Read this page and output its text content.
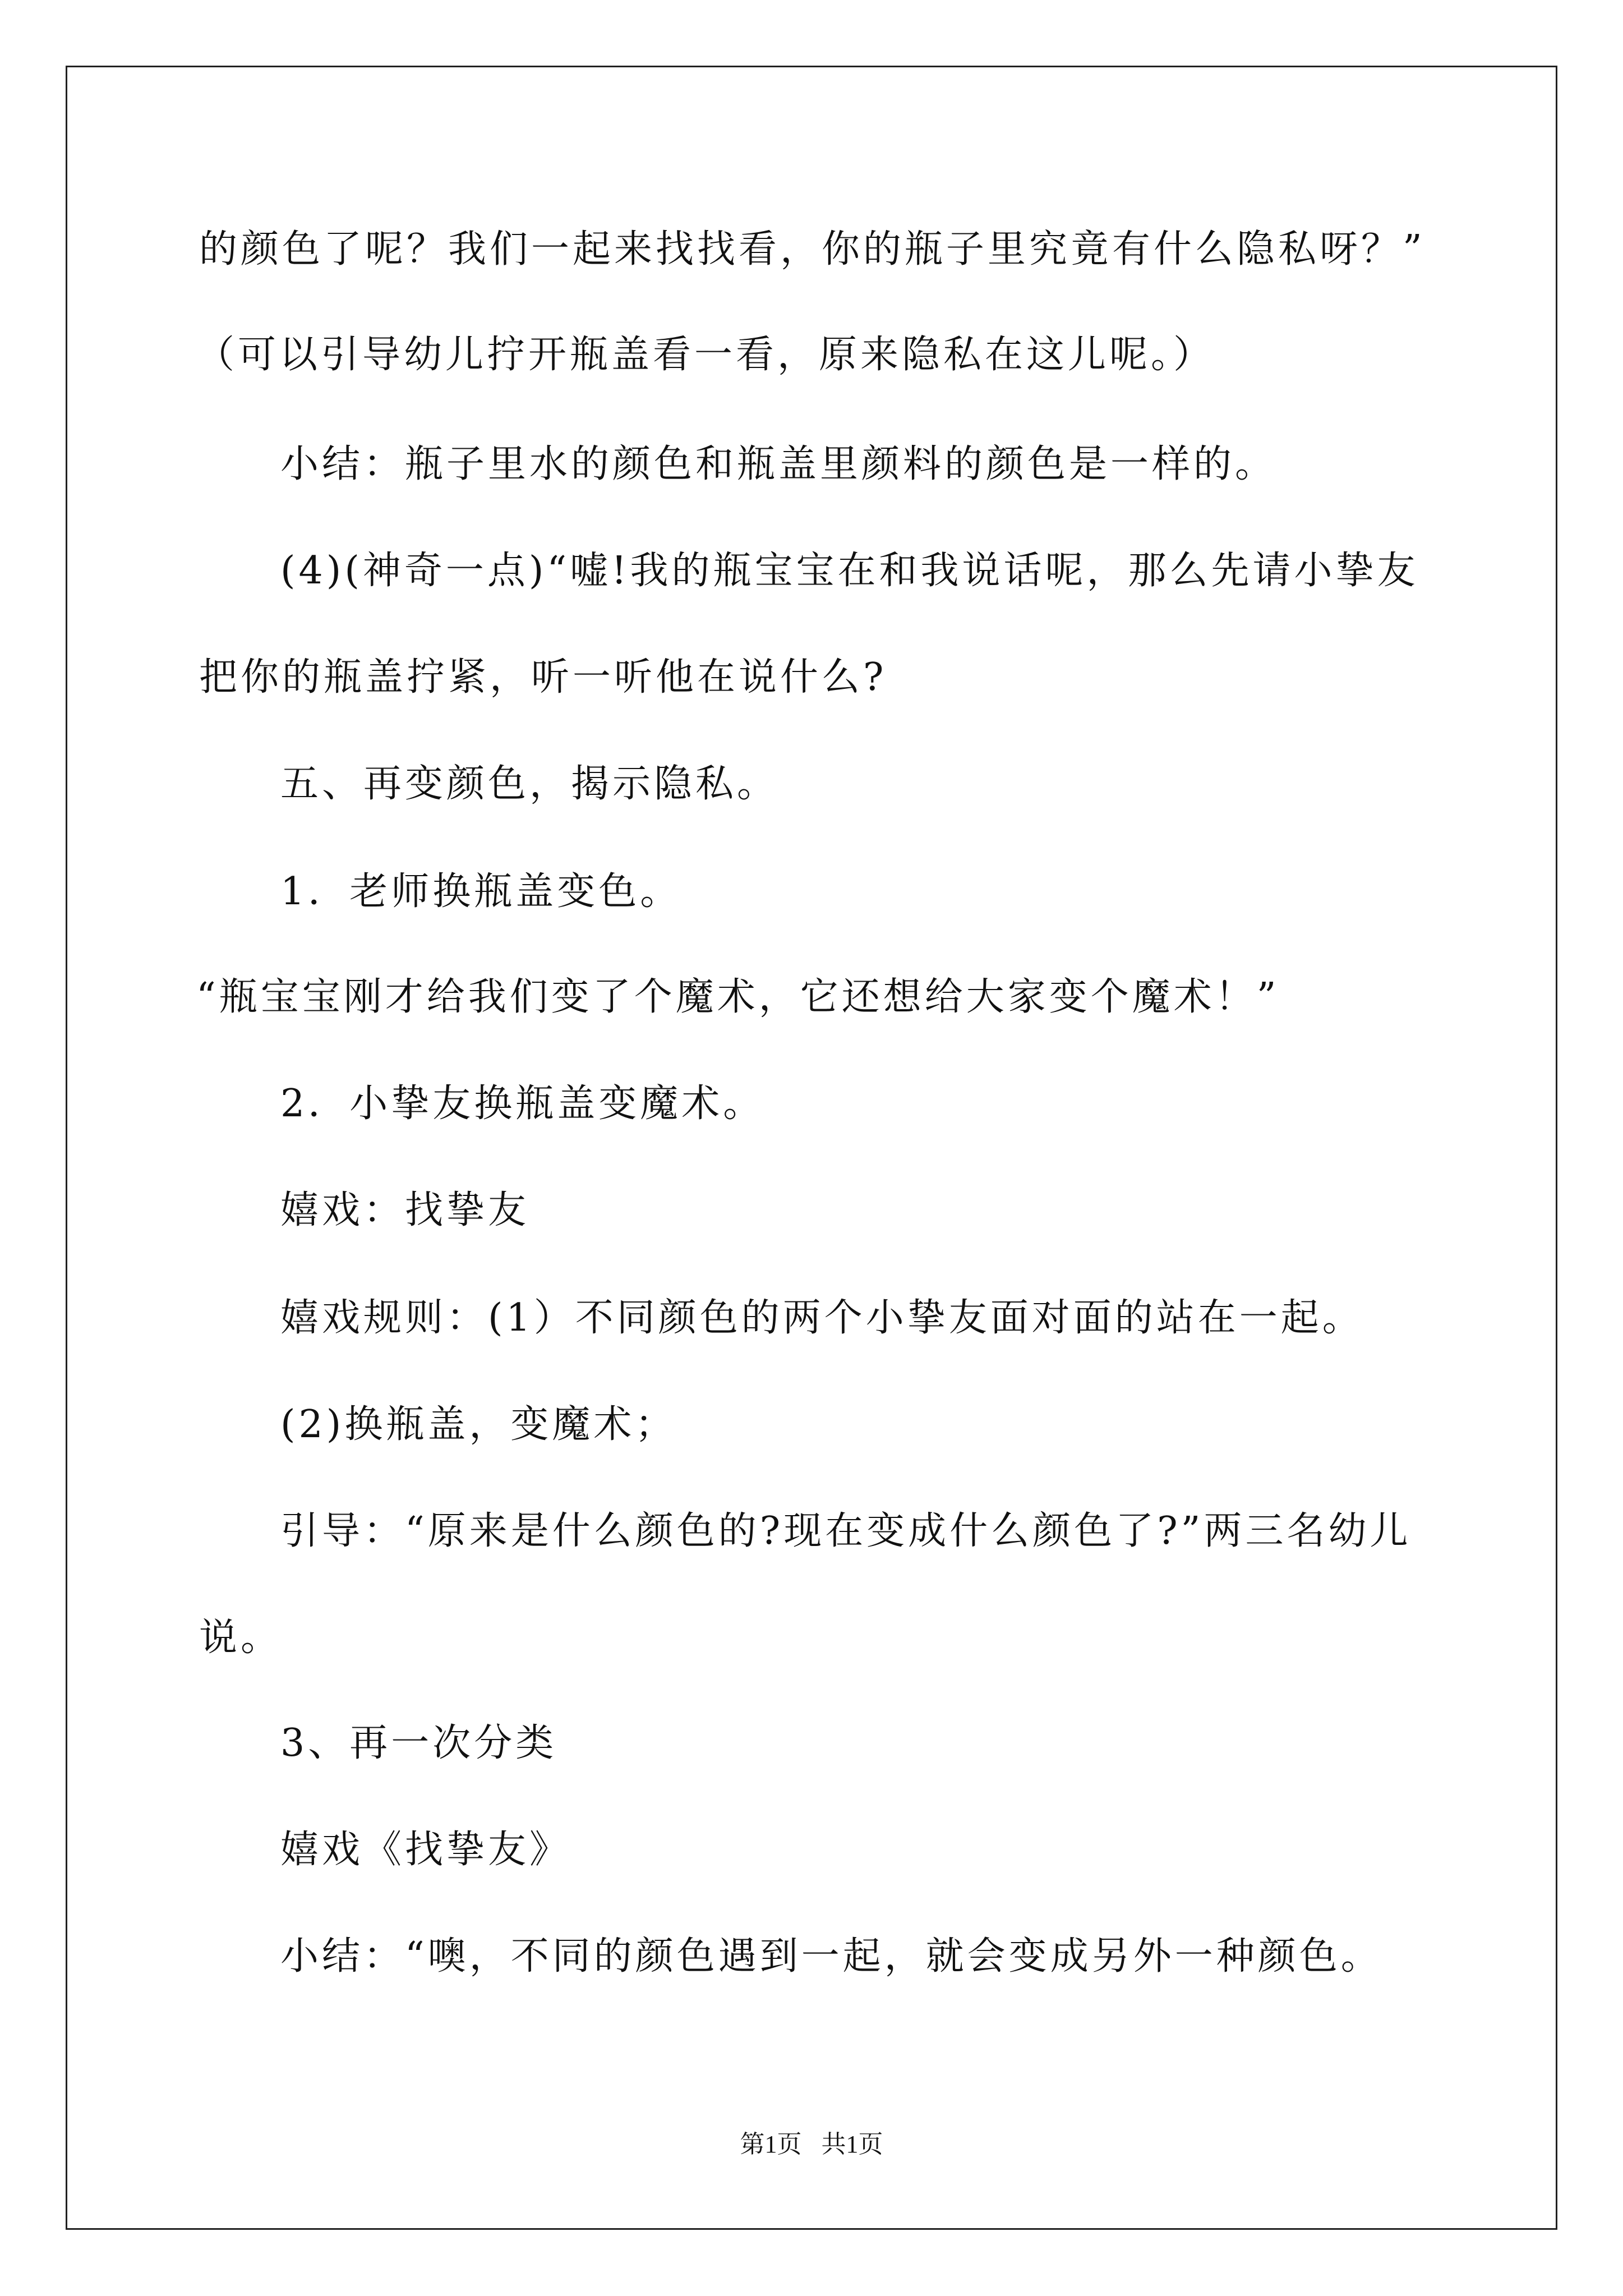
的颜色了呢？我们一起来找找看，你的瓶子里究竟有什么隐私呀？”
（可以引导幼儿拧开瓶盖看一看，原来隐私在这儿呢。）
小结：瓶子里水的颜色和瓶盖里颜料的颜色是一样的。
(4)(神奇一点)“嘘!我的瓶宝宝在和我说话呢，那么先请小挚友
把你的瓶盖拧紧，听一听他在说什么?
五、再变颜色，揭示隐私。
1．老师换瓶盖变色。
“瓶宝宝刚才给我们变了个魔术，它还想给大家变个魔术！”
2．小挚友换瓶盖变魔术。
嬉戏：找挚友
嬉戏规则：(1）不同颜色的两个小挚友面对面的站在一起。
(2)换瓶盖，变魔术；
引导：“原来是什么颜色的?现在变成什么颜色了?”两三名幼儿
说。
3、再一次分类
嬉戏《找挚友》
小结：“噢，不同的颜色遇到一起，就会变成另外一种颜色。
第1页 共1页
